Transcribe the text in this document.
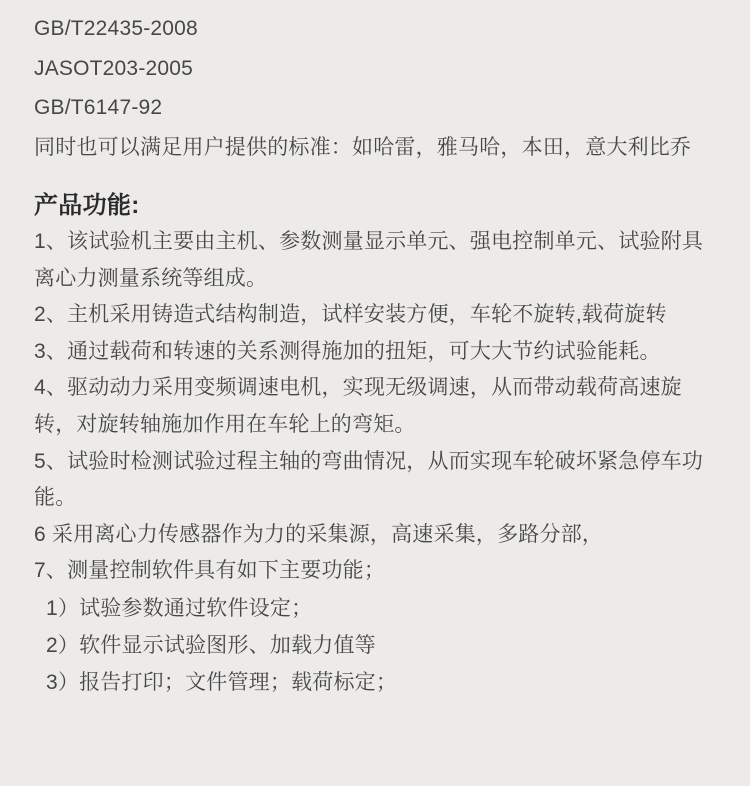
GB/T22435-2008

JASOT203-2005

GB/T6147-92

同时也可以满足用户提供的标准：如哈雷，雅马哈，本田，意大利比乔

产品功能:

1、该试验机主要由主机、参数测量显示单元、强电控制单元、试验附具离心力测量系统等组成。

2、主机采用铸造式结构制造，试样安装方便，车轮不旋转,载荷旋转

3、通过载荷和转速的关系测得施加的扭矩，可大大节约试验能耗。

4、驱动动力采用变频调速电机，实现无级调速，从而带动载荷高速旋转，对旋转轴施加作用在车轮上的弯矩。

5、试验时检测试验过程主轴的弯曲情况，从而实现车轮破坏紧急停车功能。

6 采用离心力传感器作为力的采集源，高速采集，多路分部，

7、测量控制软件具有如下主要功能；

1）试验参数通过软件设定；

2）软件显示试验图形、加载力值等

3）报告打印；文件管理；载荷标定；
